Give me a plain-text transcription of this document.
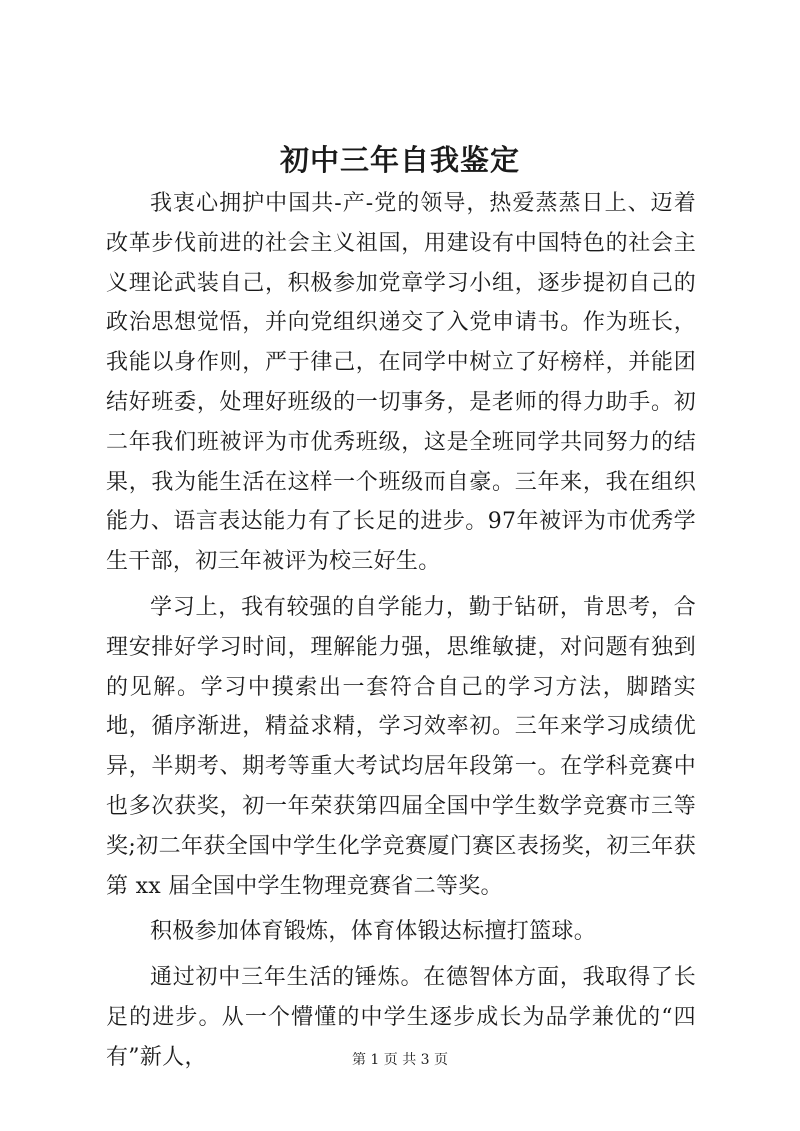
初中三年自我鉴定

我衷心拥护中国共-产-党的领导，热爱蒸蒸日上、迈着改革步伐前进的社会主义祖国，用建设有中国特色的社会主义理论武装自己，积极参加党章学习小组，逐步提初自己的政治思想觉悟，并向党组织递交了入党申请书。作为班长，我能以身作则，严于律己，在同学中树立了好榜样，并能团结好班委，处理好班级的一切事务，是老师的得力助手。初二年我们班被评为市优秀班级，这是全班同学共同努力的结果，我为能生活在这样一个班级而自豪。三年来，我在组织能力、语言表达能力有了长足的进步。97年被评为市优秀学生干部，初三年被评为校三好生。

学习上，我有较强的自学能力，勤于钻研，肯思考，合理安排好学习时间，理解能力强，思维敏捷，对问题有独到的见解。学习中摸索出一套符合自己的学习方法，脚踏实地，循序渐进，精益求精，学习效率初。三年来学习成绩优异，半期考、期考等重大考试均居年段第一。在学科竞赛中也多次获奖，初一年荣获第四届全国中学生数学竞赛市三等奖;初二年获全国中学生化学竞赛厦门赛区表扬奖，初三年获第 xx 届全国中学生物理竞赛省二等奖。

积极参加体育锻炼，体育体锻达标擅打篮球。

通过初中三年生活的锤炼。在德智体方面，我取得了长足的进步。从一个懵懂的中学生逐步成长为品学兼优的“四有”新人，	第 1 页 共 3 页
